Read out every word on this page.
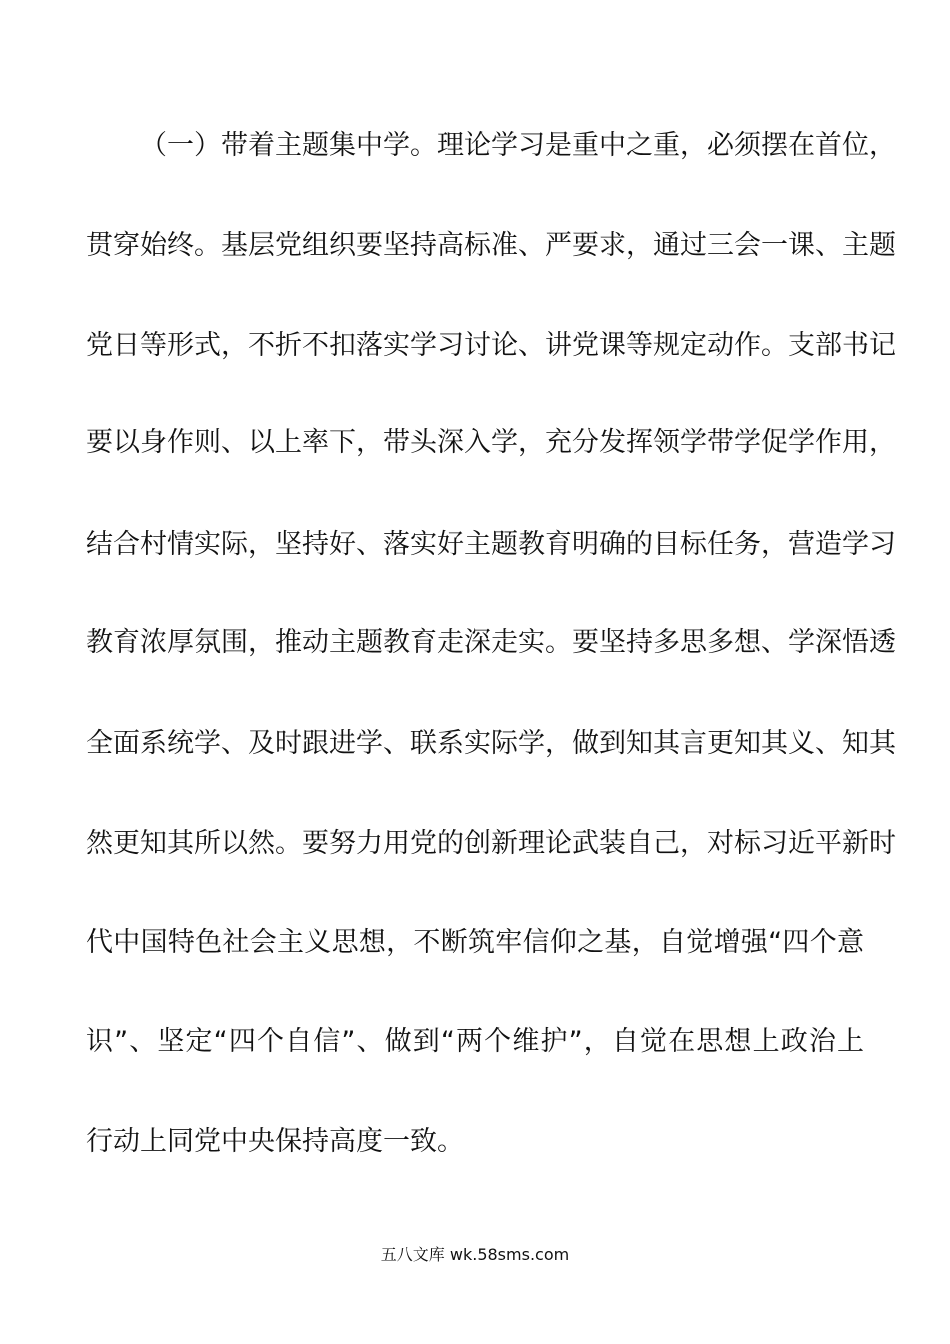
（一）带着主题集中学。理论学习是重中之重，必须摆在首位，
贯穿始终。基层党组织要坚持高标准、严要求，通过三会一课、主题
党日等形式，不折不扣落实学习讨论、讲党课等规定动作。支部书记
要以身作则、以上率下，带头深入学，充分发挥领学带学促学作用，
结合村情实际，坚持好、落实好主题教育明确的目标任务，营造学习
教育浓厚氛围，推动主题教育走深走实。要坚持多思多想、学深悟透
全面系统学、及时跟进学、联系实际学，做到知其言更知其义、知其
然更知其所以然。要努力用党的创新理论武装自己，对标习近平新时
代中国特色社会主义思想，不断筑牢信仰之基，自觉增强“四个意
识”、坚定“四个自信”、做到“两个维护”，自觉在思想上政治上
行动上同党中央保持高度一致。
五八文库 wk.58sms.com
